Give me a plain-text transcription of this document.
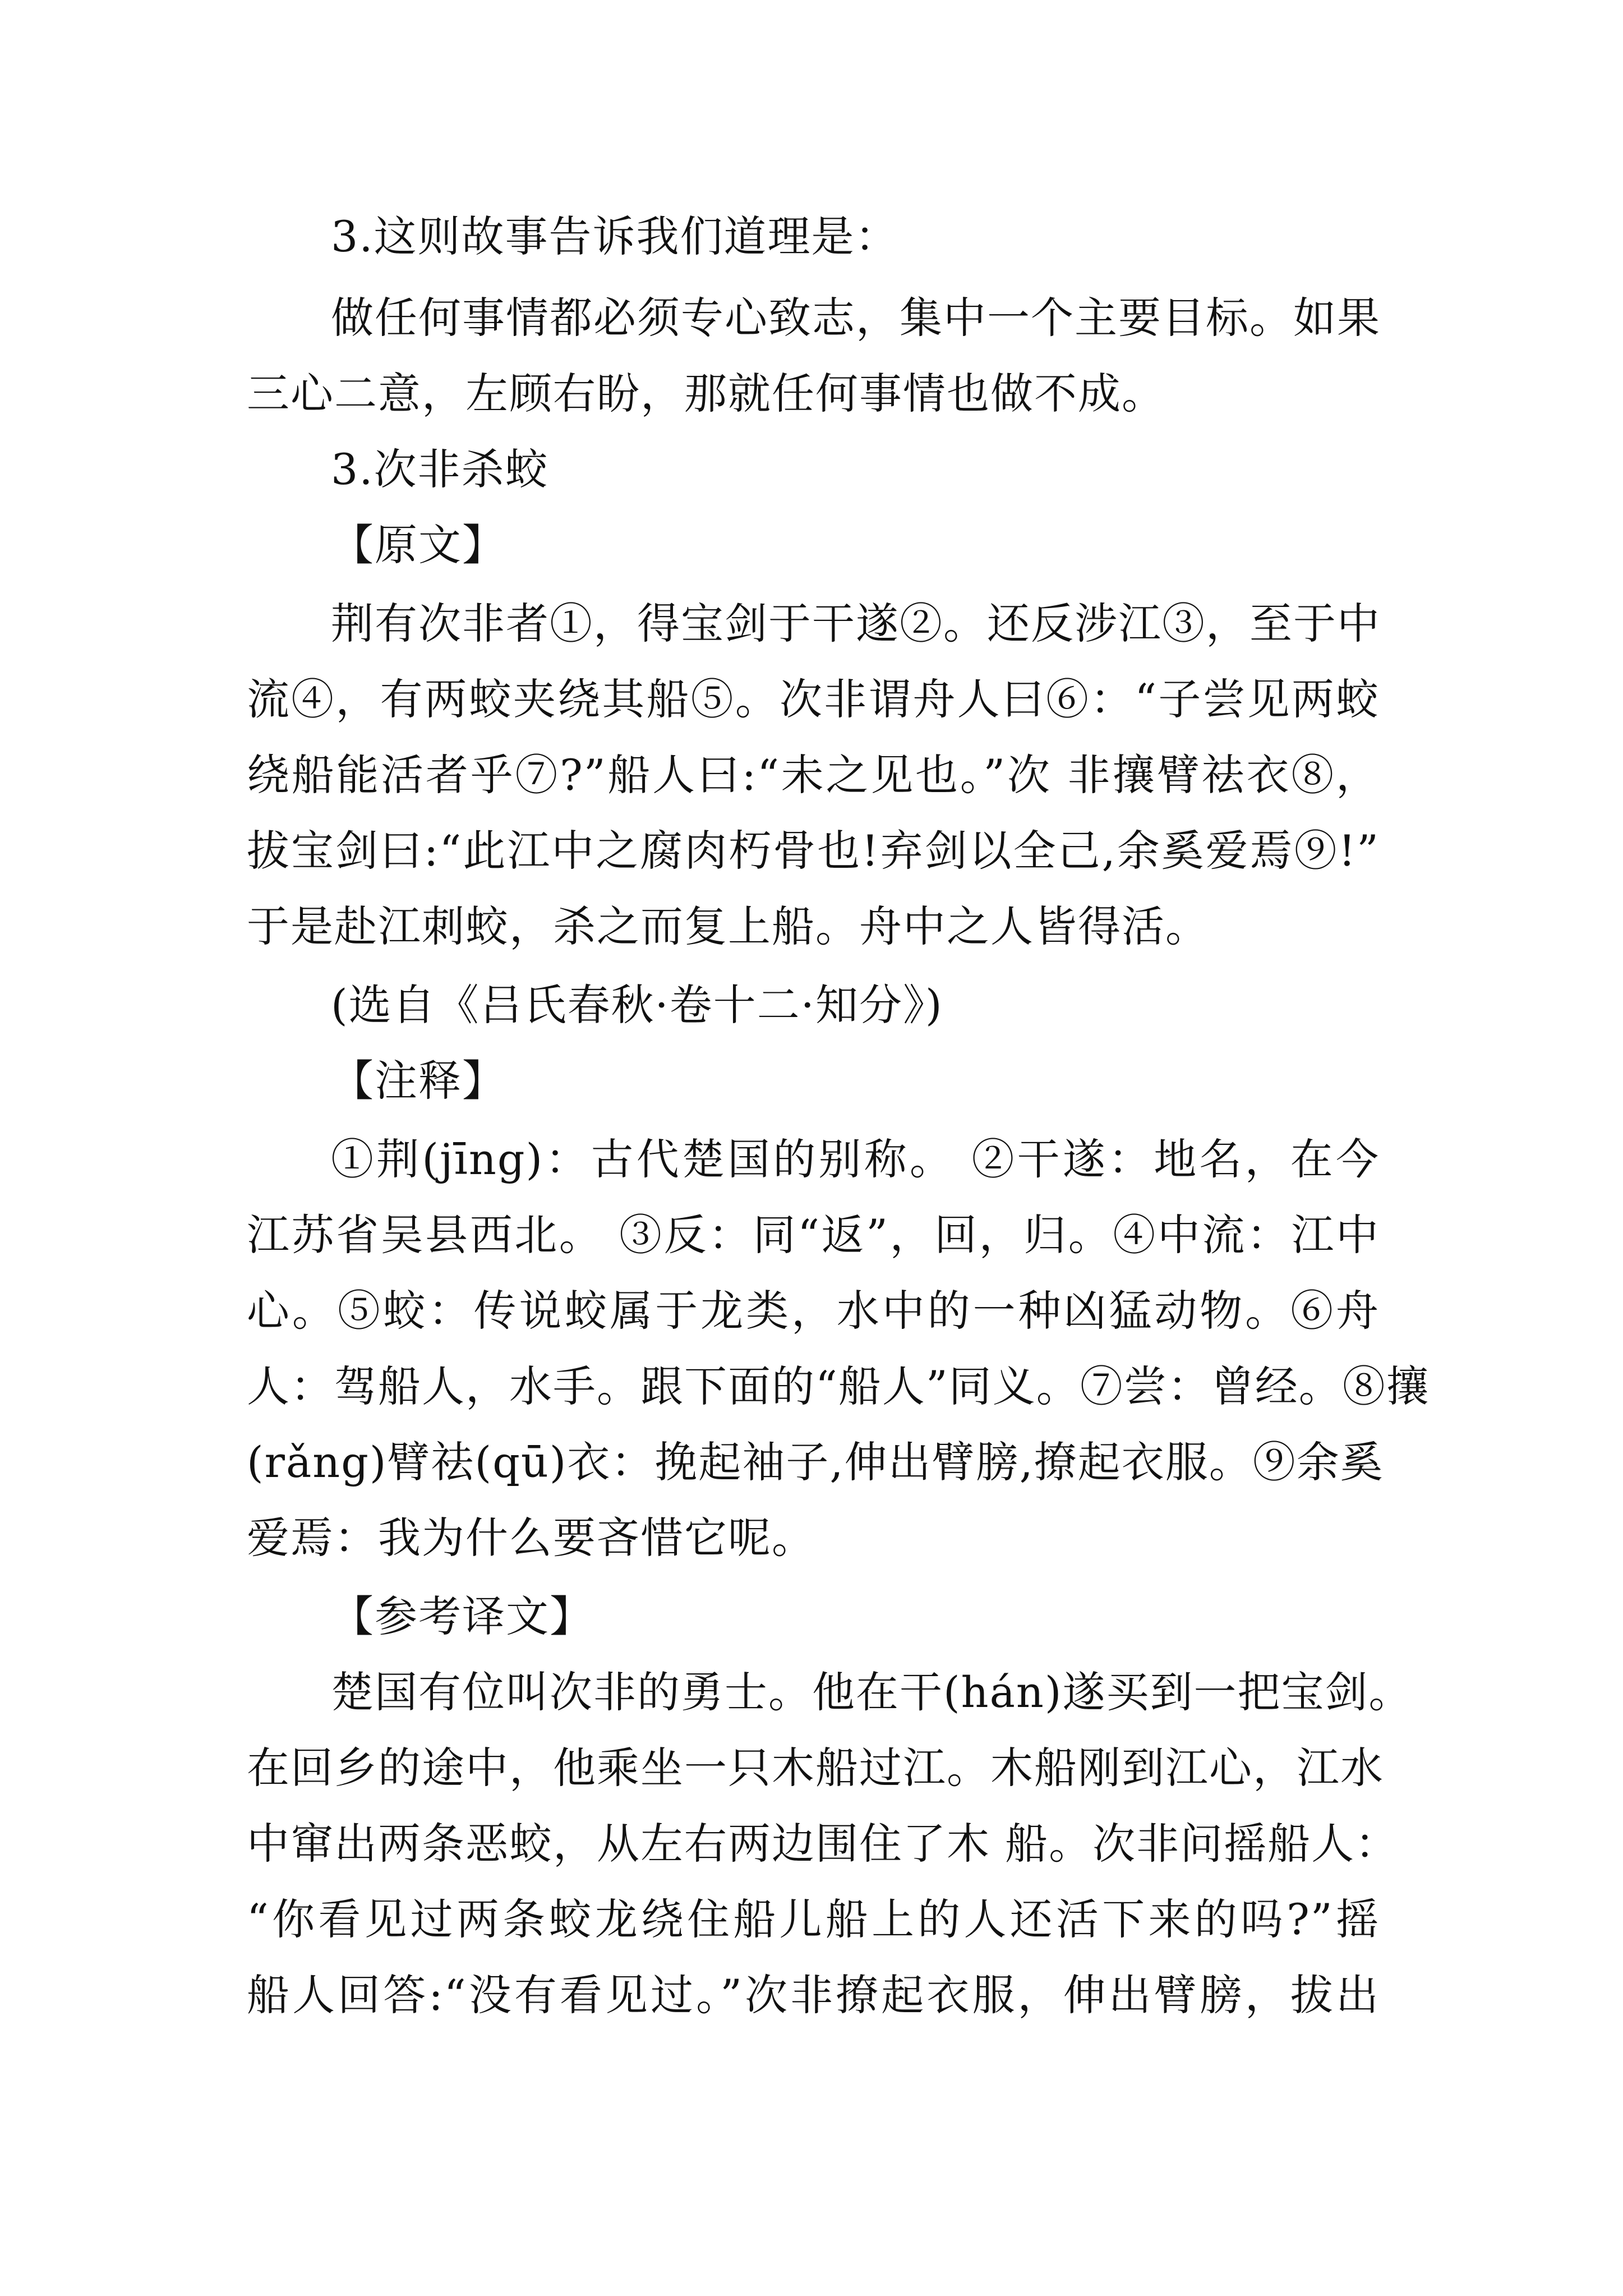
3.这则故事告诉我们道理是：
做任何事情都必须专心致志，集中一个主要目标。如果
三心二意，左顾右盼，那就任何事情也做不成。
3.次非杀蛟
【原文】
荆有次非者①，得宝剑于干遂②。还反涉江③，至于中
流④，有两蛟夹绕其船⑤。次非谓舟人曰⑥：“子尝见两蛟
绕船能活者乎⑦?”船人曰:“未之见也。”次 非攘臂祛衣⑧，
拔宝剑曰:“此江中之腐肉朽骨也!弃剑以全己,余奚爱焉⑨!”
于是赴江刺蛟，杀之而复上船。舟中之人皆得活。
(选自《吕氏春秋·卷十二·知分》)
【注释】
①荆(jīng)：古代楚国的别称。 ②干遂：地名，在今
江苏省吴县西北。 ③反：同“返”，回，归。④中流：江中
心。⑤蛟：传说蛟属于龙类，水中的一种凶猛动物。⑥舟
人：驾船人，水手。跟下面的“船人”同义。⑦尝：曾经。⑧攘
(rǎng)臂祛(qū)衣：挽起袖子,伸出臂膀,撩起衣服。⑨余奚
爱焉：我为什么要吝惜它呢。
【参考译文】
楚国有位叫次非的勇士。他在干(hán)遂买到一把宝剑。
在回乡的途中，他乘坐一只木船过江。木船刚到江心，江水
中窜出两条恶蛟，从左右两边围住了木 船。次非问摇船人：
“你看见过两条蛟龙绕住船儿船上的人还活下来的吗?”摇
船人回答:“没有看见过。”次非撩起衣服，伸出臂膀，拔出
